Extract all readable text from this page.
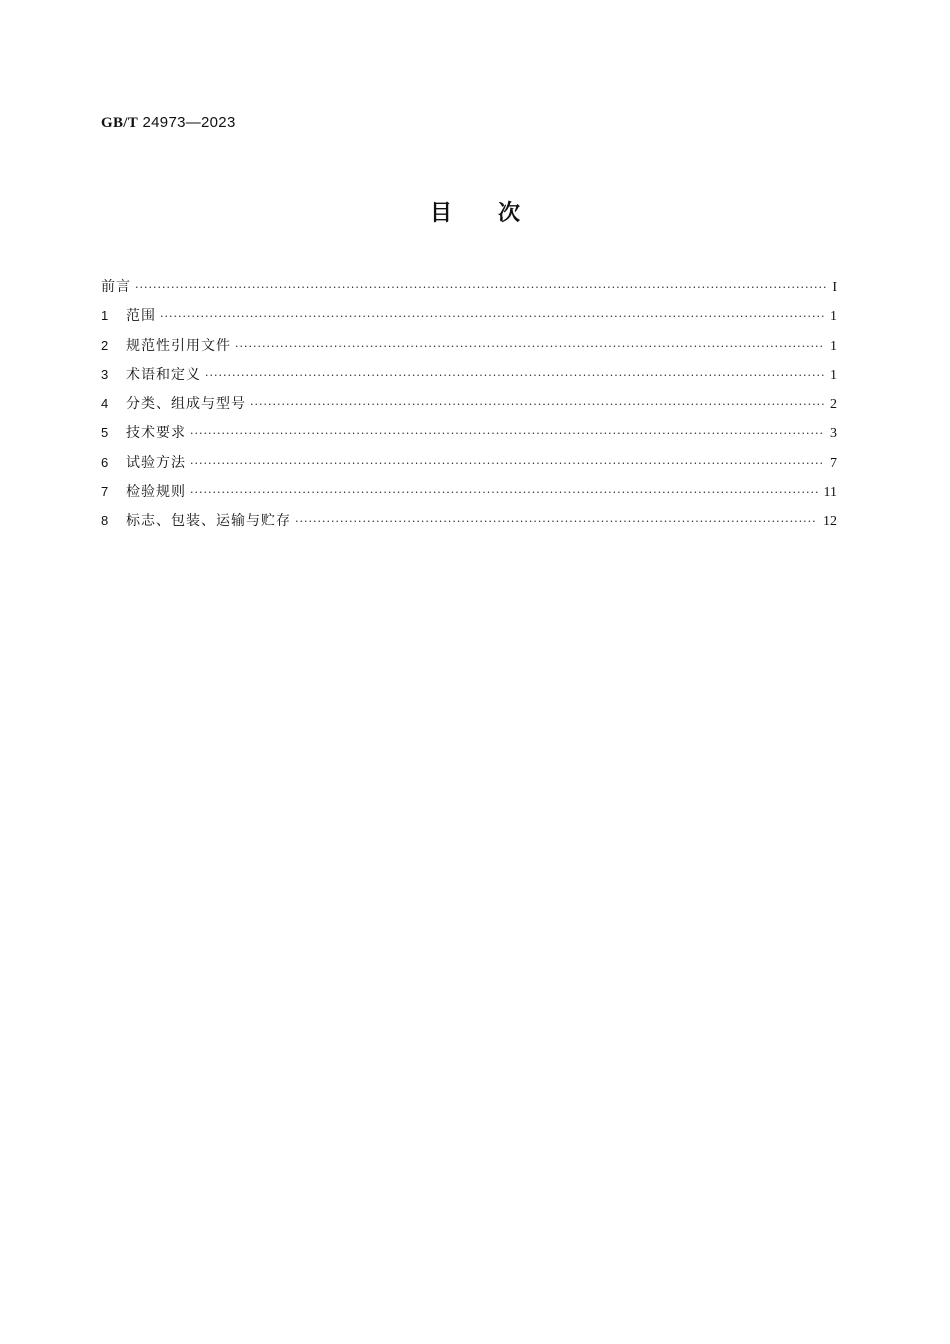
GB/T 24973—2023
目次
前言 ·····	I
1	范围 ·····	1
2	规范性引用文件 ·····	1
3	术语和定义 ·····	1
4	分类、组成与型号 ·····	2
5	技术要求 ·····	3
6	试验方法 ·····	7
7	检验规则 ·····	11
8	标志、包装、运输与贮存 ·····	12
